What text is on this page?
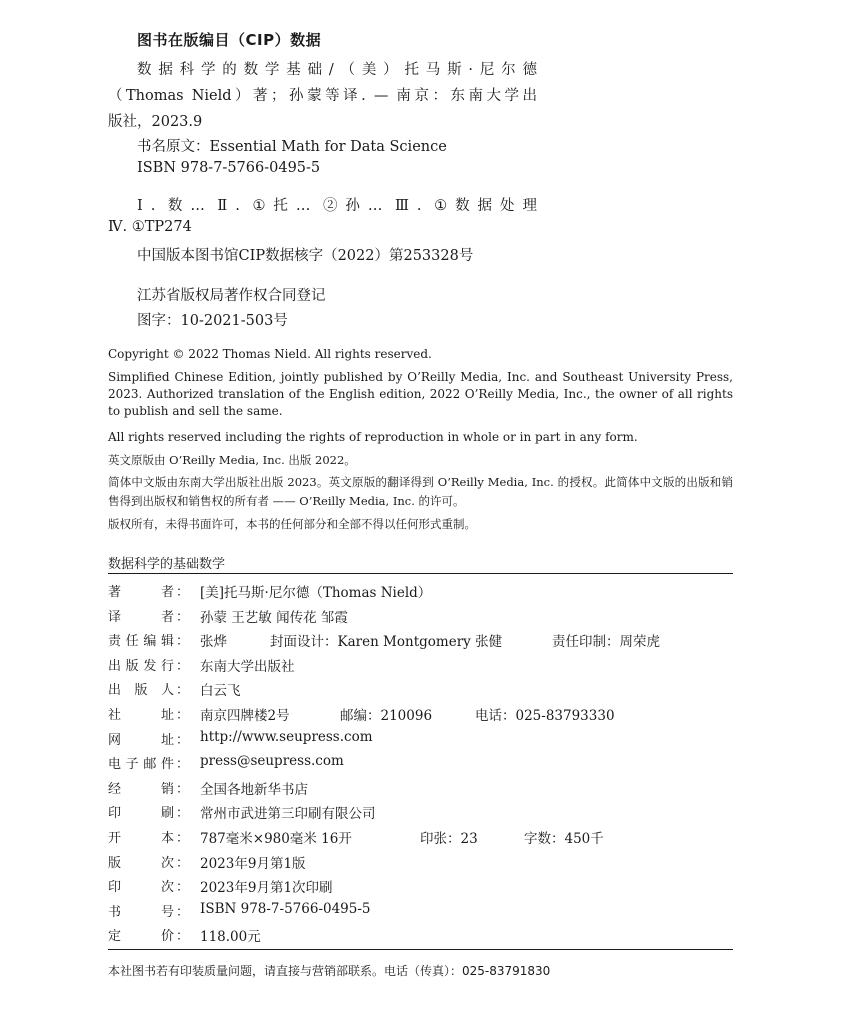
图书在版编目（CIP）数据
数据科学的数学基础/（美）托马斯·尼尔德
（Thomas Nield）著；孙蒙等译. — 南京：东南大学出
版社，2023.9
书名原文：Essential Math for Data Science
ISBN 978-7-5766-0495-5
Ⅰ. 数… Ⅱ. ①托… ②孙… Ⅲ. ①数据处理
Ⅳ. ①TP274
中国版本图书馆CIP数据核字（2022）第253328号
江苏省版权局著作权合同登记
图字：10-2021-503号
Copyright © 2022 Thomas Nield. All rights reserved.
Simplified Chinese Edition, jointly published by O’Reilly Media, Inc. and Southeast University Press, 2023. Authorized translation of the English edition, 2022 O’Reilly Media, Inc., the owner of all rights to publish and sell the same.
All rights reserved including the rights of reproduction in whole or in part in any form.
英文原版由 O’Reilly Media, Inc. 出版 2022。
简体中文版由东南大学出版社出版 2023。英文原版的翻译得到 O’Reilly Media, Inc. 的授权。此简体中文版的出版和销售得到出版权和销售权的所有者 —— O’Reilly Media, Inc. 的许可。
版权所有，未得书面许可，本书的任何部分和全部不得以任何形式重制。
数据科学的基础数学
著者 ： [美]托马斯·尼尔德（Thomas Nield）
译者 ： 孙蒙 王艺敏 闻传花 邹霞
责任编辑 ： 张烨	封面设计：Karen Montgomery 张健	责任印制：周荣虎
出版发行 ： 东南大学出版社
出版人 ： 白云飞
社址 ： 南京四牌楼2号	邮编：210096	电话：025-83793330
网址 ： http://www.seupress.com
电子邮件 ： press@seupress.com
经销 ： 全国各地新华书店
印刷 ： 常州市武进第三印刷有限公司
开本 ： 787毫米×980毫米 16开	印张：23	字数：450千
版次 ： 2023年9月第1版
印次 ： 2023年9月第1次印刷
书号 ： ISBN 978-7-5766-0495-5
定价 ： 118.00元
本社图书若有印装质量问题，请直接与营销部联系。电话（传真）：025-83791830
